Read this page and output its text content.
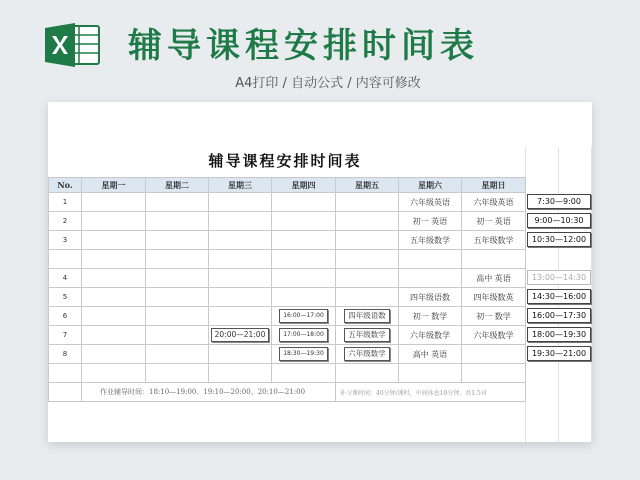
辅导课程安排时间表
A4打印 / 自动公式 / 内容可修改
辅导课程安排时间表
No.	星期一	星期二	星期三	星期四	星期五	星期六	星期日
1						六年级英语	六年级英语
2						初一 英语	初一 英语
3						五年级数学	五年级数学

4							高中 英语
5						四年级语数	四年级数英
6				16:00—17:00	四年级语数	初一 数学	初一 数学
7			20:00—21:00	17:00—18:00	五年级数学	六年级数学	六年级数学
8				18:30—19:30	六年级数学	高中 英语	

	作业辅导时间：18:10—19:00、19:10—20:00、20:10—21:00				补习课时间：40分钟/课时，中间休息10分钟，共1.5对		
7:30—9:00
9:00—10:30
10:30—12:00
13:00—14:30
14:30—16:00
16:00—17:30
18:00—19:30
19:30—21:00
